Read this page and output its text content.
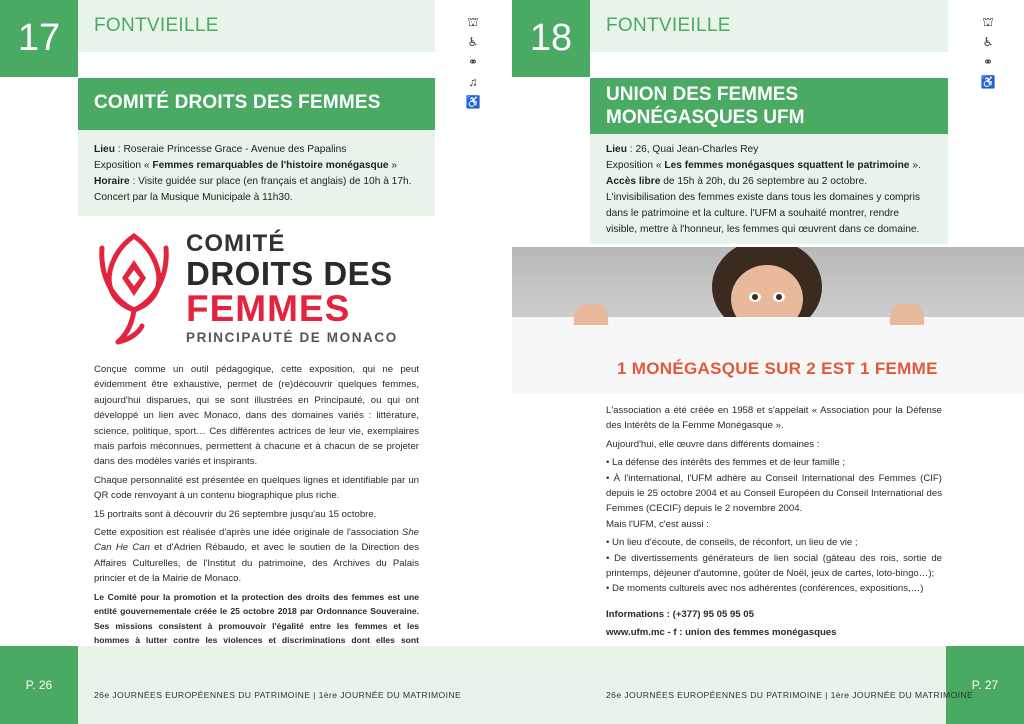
17	FONTVIEILLE	⛫
♿︎
⚭
♫
♿
COMITÉ DROITS DES FEMMES
Lieu : Roseraie Princesse Grace - Avenue des Papalins
Exposition « Femmes remarquables de l'histoire monégasque »
Horaire : Visite guidée sur place (en français et anglais) de 10h à 17h.
Concert par la Musique Municipale à 11h30.
COMITÉ
DROITS DES
FEMMES
PRINCIPAUTÉ DE MONACO

Conçue comme un outil pédagogique, cette exposition, qui ne peut évidemment être exhaustive, permet de (re)découvrir quelques femmes, aujourd'hui disparues, qui se sont illustrées en Principauté, ou qui ont développé un lien avec Monaco, dans des domaines variés : littérature, science, politique, sport… Ces différentes actrices de leur vie, exemplaires mais parfois méconnues, permettent à chacune et à chacun de se projeter dans des modèles variés et inspirants.

Chaque personnalité est présentée en quelques lignes et identifiable par un QR code renvoyant à un contenu biographique plus riche.

15 portraits sont à découvrir du 26 septembre jusqu'au 15 octobre.

Cette exposition est réalisée d'après une idée originale de l'association She Can He Can et d'Adrien Rébaudo, et avec le soutien de la Direction des Affaires Culturelles, de l'Institut du patrimoine, des Archives du Palais princier et de la Mairie de Monaco.

Le Comité pour la promotion et la protection des droits des femmes est une entité gouvernementale créée le 25 octobre 2018 par Ordonnance Souveraine. Ses missions consistent à promouvoir l'égalité entre les femmes et les hommes à lutter contre les violences et discriminations dont elles sont

P. 26
26e JOURNÉES EUROPÉENNES DU PATRIMOINE | 1ère JOURNÉE DU MATRIMOINE
18	FONTVIEILLE	⛫
♿︎
⚭
♿
UNION DES FEMMES MONÉGASQUES UFM
Lieu : 26, Quai Jean-Charles Rey
Exposition « Les femmes monégasques squattent le patrimoine ».
Accès libre de 15h à 20h, du 26 septembre au 2 octobre.
L'invisibilisation des femmes existe dans tous les domaines y compris dans le patrimoine et la culture. l'UFM a souhaité montrer, rendre visible, mettre à l'honneur, les femmes qui œuvrent dans ce domaine.
1 MONÉGASQUE SUR 2 EST 1 FEMME

L'association a été créée en 1958 et s'appelait « Association pour la Défense des Intérêts de la Femme Monégasque ».

Aujourd'hui, elle œuvre dans différents domaines :

• La défense des intérêts des femmes et de leur famille ;
• À l'international, l'UFM adhère au Conseil International des Femmes (CIF) depuis le 25 octobre 2004 et au Conseil Européen du Conseil International des Femmes (CECIF) depuis le 2 novembre 2004.

Mais l'UFM, c'est aussi :

• Un lieu d'écoute, de conseils, de réconfort, un lieu de vie ;
• De divertissements générateurs de lien social (gâteau des rois, sortie de printemps, déjeuner d'automne, goûter de Noël, jeux de cartes, loto-bingo…);
• De moments culturels avec nos adhérentes (conférences, expositions,…)

Informations : (+377) 95 05 95 05

www.ufm.mc - f : union des femmes monégasques

P. 27
26e JOURNÉES EUROPÉENNES DU PATRIMOINE | 1ère JOURNÉE DU MATRIMOINE
